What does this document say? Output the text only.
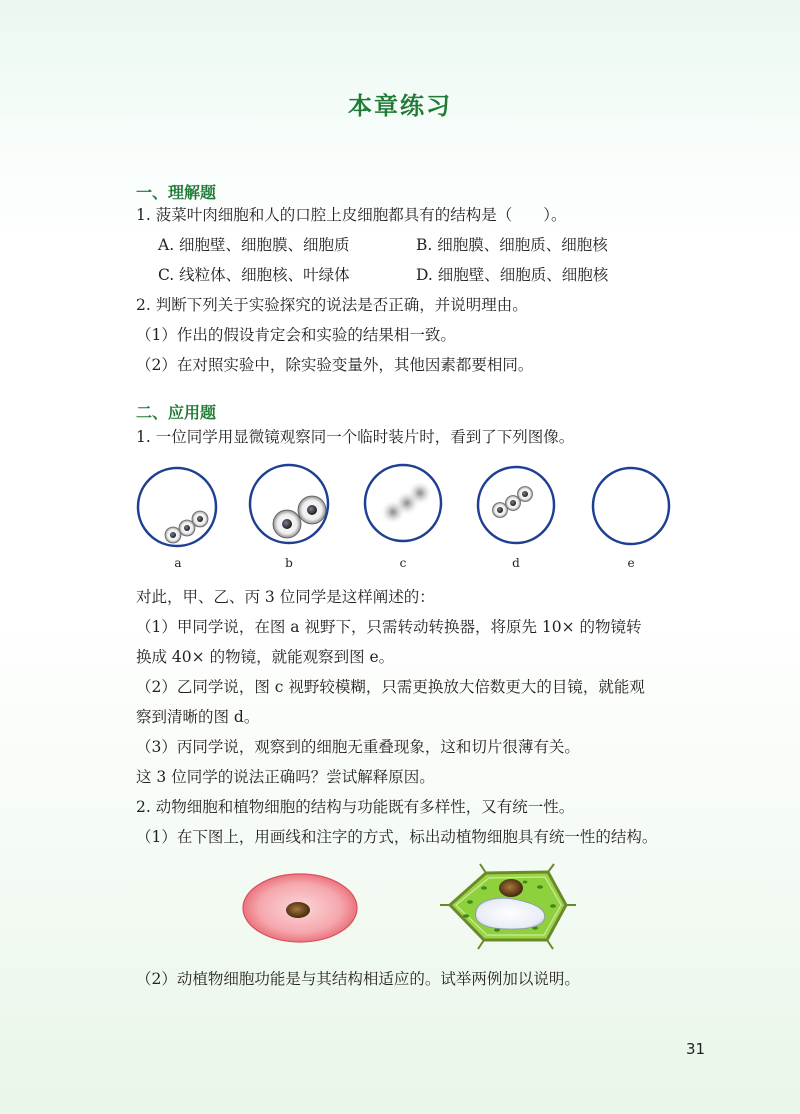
本章练习
一、理解题
1. 菠菜叶肉细胞和人的口腔上皮细胞都具有的结构是（　　）。
A. 细胞壁、细胞膜、细胞质	B. 细胞膜、细胞质、细胞核
C. 线粒体、细胞核、叶绿体	D. 细胞壁、细胞质、细胞核
2. 判断下列关于实验探究的说法是否正确，并说明理由。
（1）作出的假设肯定会和实验的结果相一致。
（2）在对照实验中，除实验变量外，其他因素都要相同。
二、应用题
1. 一位同学用显微镜观察同一个临时装片时，看到了下列图像。
a	b	c	d	e
对此，甲、乙、丙 3 位同学是这样阐述的：
（1）甲同学说，在图 a 视野下，只需转动转换器，将原先 10× 的物镜转
换成 40× 的物镜，就能观察到图 e。
（2）乙同学说，图 c 视野较模糊，只需更换放大倍数更大的目镜，就能观
察到清晰的图 d。
（3）丙同学说，观察到的细胞无重叠现象，这和切片很薄有关。
这 3 位同学的说法正确吗？尝试解释原因。
2. 动物细胞和植物细胞的结构与功能既有多样性，又有统一性。
（1）在下图上，用画线和注字的方式，标出动植物细胞具有统一性的结构。
（2）动植物细胞功能是与其结构相适应的。试举两例加以说明。
31
